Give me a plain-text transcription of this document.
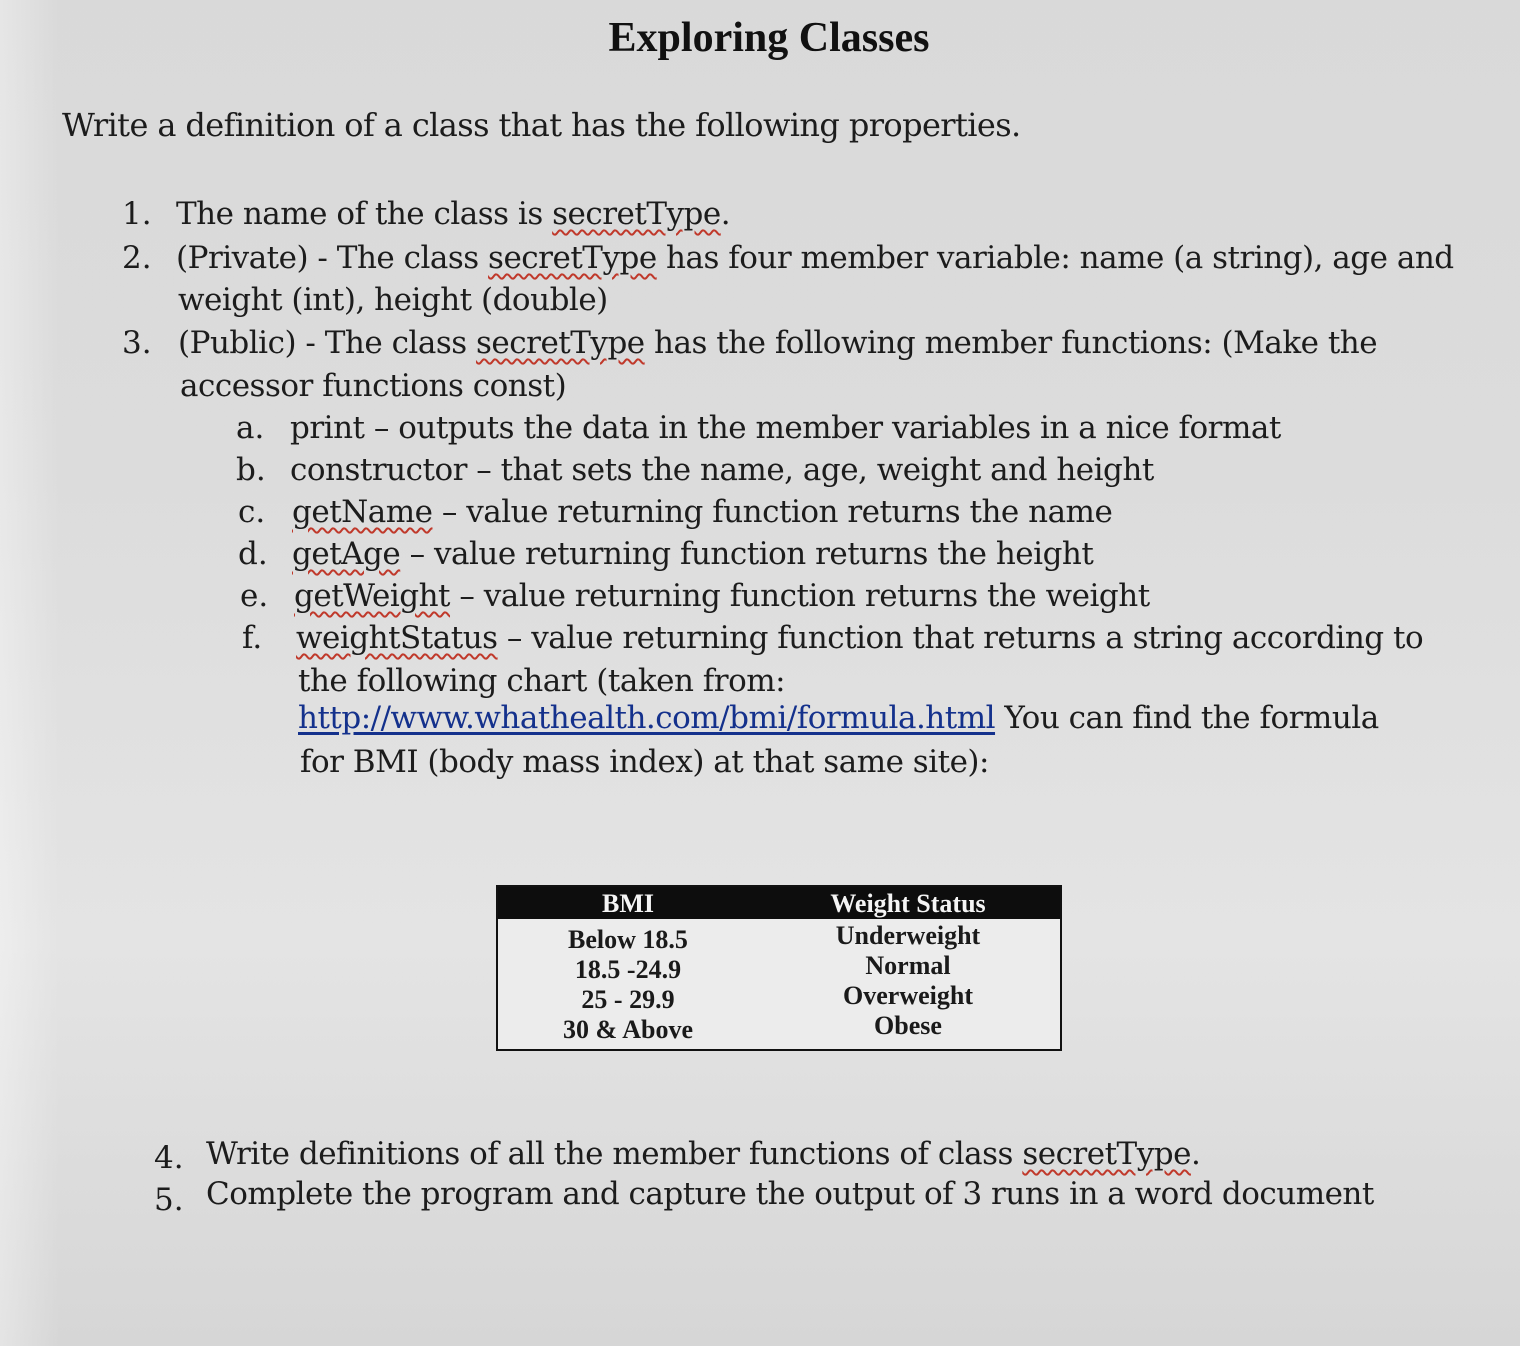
Exploring Classes
Write a definition of a class that has the following properties.
1. The name of the class is secretType.
2. (Private) - The class secretType has four member variable: name (a string), age and
weight (int), height (double)
3. (Public) - The class secretType has the following member functions: (Make the
accessor functions const)
a. print – outputs the data in the member variables in a nice format
b. constructor – that sets the name, age, weight and height
c. getName – value returning function returns the name
d. getAge – value returning function returns the height
e. getWeight – value returning function returns the weight
f. weightStatus – value returning function that returns a string according to
the following chart (taken from:
http://www.whathealth.com/bmi/formula.html You can find the formula
for BMI (body mass index) at that same site):
BMI	Weight Status
Below 18.5	Underweight
18.5 -24.9	Normal
25 - 29.9	Overweight
30 & Above	Obese
4. Write definitions of all the member functions of class secretType.
5. Complete the program and capture the output of 3 runs in a word document
